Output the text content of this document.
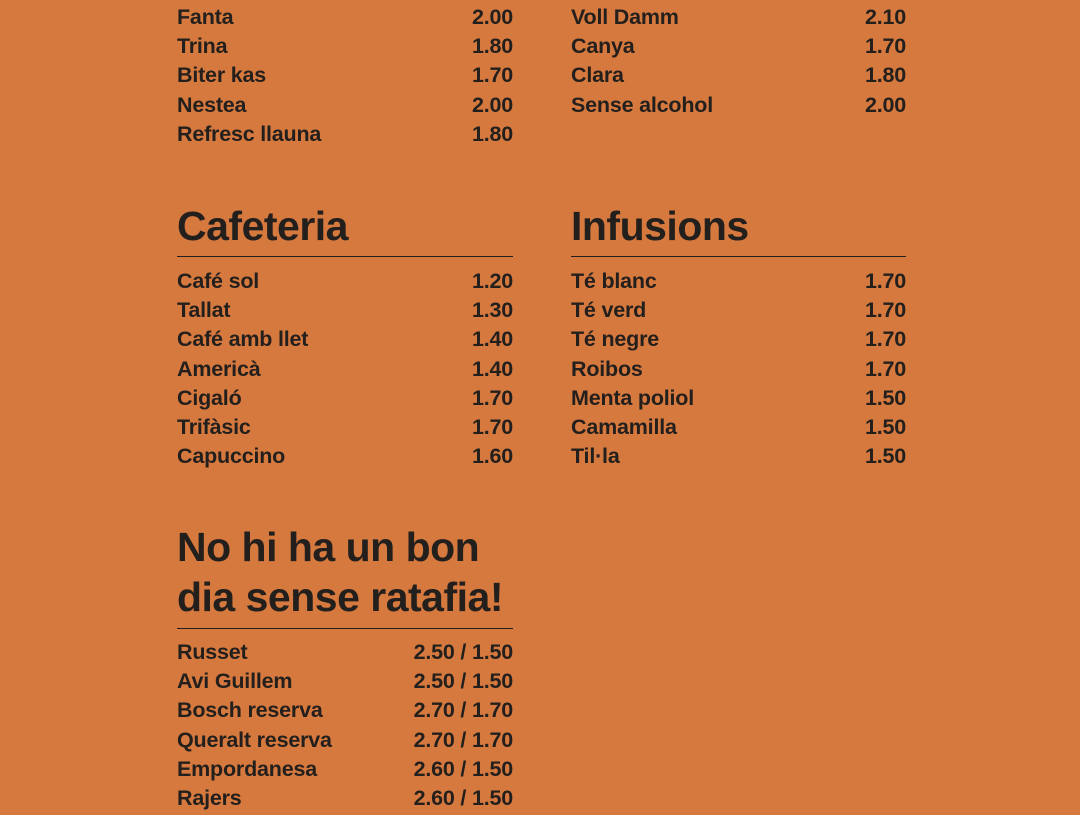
Fanta	2.00
Trina	1.80
Biter kas	1.70
Nestea	2.00
Refresc llauna	1.80
Voll Damm	2.10
Canya	1.70
Clara	1.80
Sense alcohol	2.00
Cafeteria
Café sol	1.20
Tallat	1.30
Café amb llet	1.40
Americà	1.40
Cigaló	1.70
Trifàsic	1.70
Capuccino	1.60
Infusions
Té blanc	1.70
Té verd	1.70
Té negre	1.70
Roibos	1.70
Menta poliol	1.50
Camamilla	1.50
Til·la	1.50
No hi ha un bon
dia sense ratafia!
Russet	2.50 / 1.50
Avi Guillem	2.50 / 1.50
Bosch reserva	2.70 / 1.70
Queralt reserva	2.70 / 1.70
Empordanesa	2.60 / 1.50
Rajers	2.60 / 1.50
